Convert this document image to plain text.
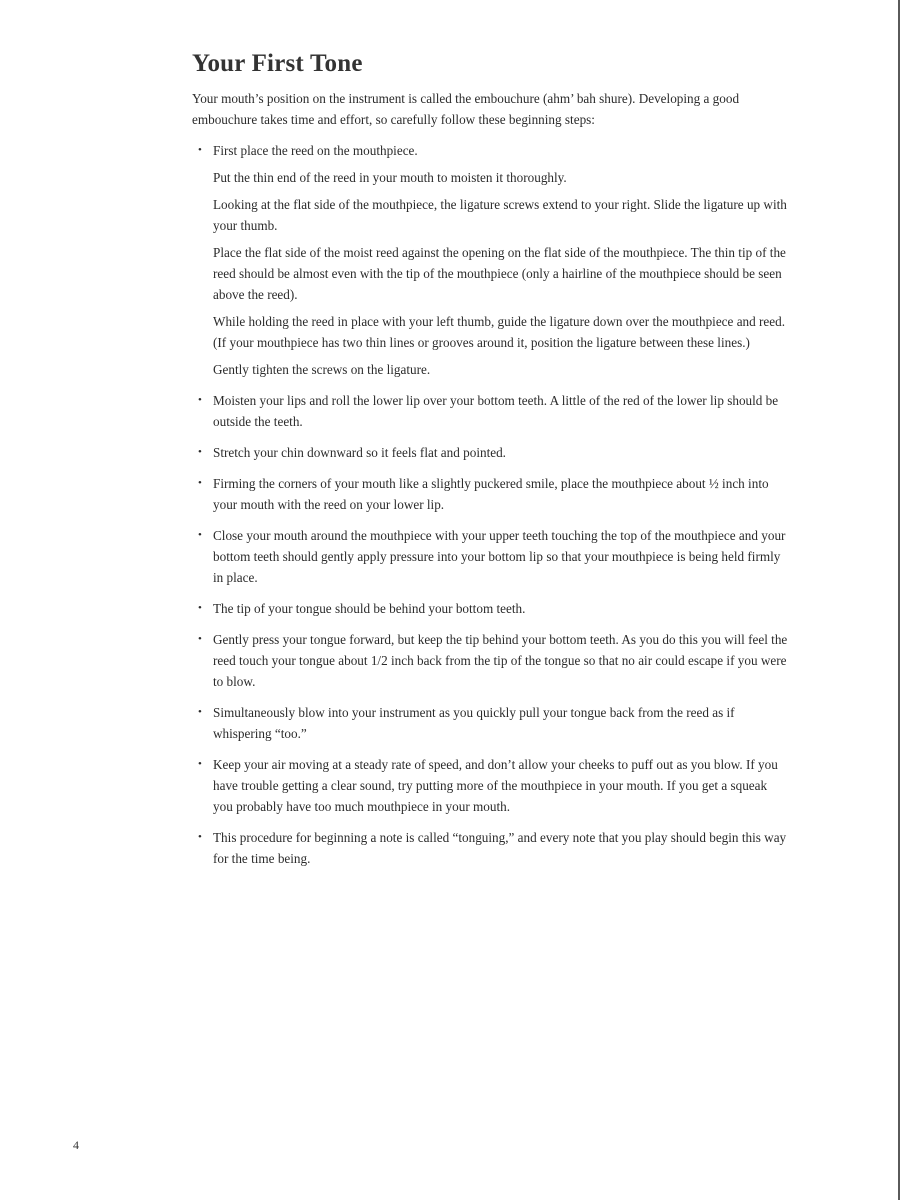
Your First Tone

Your mouth’s position on the instrument is called the embouchure (ahm’ bah shure). Developing a good embouchure takes time and effort, so carefully follow these beginning steps:

• First place the reed on the mouthpiece.
Put the thin end of the reed in your mouth to moisten it thoroughly.
Looking at the flat side of the mouthpiece, the ligature screws extend to your right. Slide the ligature up with your thumb.
Place the flat side of the moist reed against the opening on the flat side of the mouthpiece. The thin tip of the reed should be almost even with the tip of the mouthpiece (only a hairline of the mouthpiece should be seen above the reed).
While holding the reed in place with your left thumb, guide the ligature down over the mouthpiece and reed. (If your mouthpiece has two thin lines or grooves around it, position the ligature between these lines.)
Gently tighten the screws on the ligature.
• Moisten your lips and roll the lower lip over your bottom teeth. A little of the red of the lower lip should be outside the teeth.
• Stretch your chin downward so it feels flat and pointed.
• Firming the corners of your mouth like a slightly puckered smile, place the mouthpiece about ½ inch into your mouth with the reed on your lower lip.
• Close your mouth around the mouthpiece with your upper teeth touching the top of the mouthpiece and your bottom teeth should gently apply pressure into your bottom lip so that your mouthpiece is being held firmly in place.
• The tip of your tongue should be behind your bottom teeth.
• Gently press your tongue forward, but keep the tip behind your bottom teeth. As you do this you will feel the reed touch your tongue about 1/2 inch back from the tip of the tongue so that no air could escape if you were to blow.
• Simultaneously blow into your instrument as you quickly pull your tongue back from the reed as if whispering “too.”
• Keep your air moving at a steady rate of speed, and don’t allow your cheeks to puff out as you blow. If you have trouble getting a clear sound, try putting more of the mouthpiece in your mouth. If you get a squeak you probably have too much mouthpiece in your mouth.
• This procedure for beginning a note is called “tonguing,” and every note that you play should begin this way for the time being.
4
